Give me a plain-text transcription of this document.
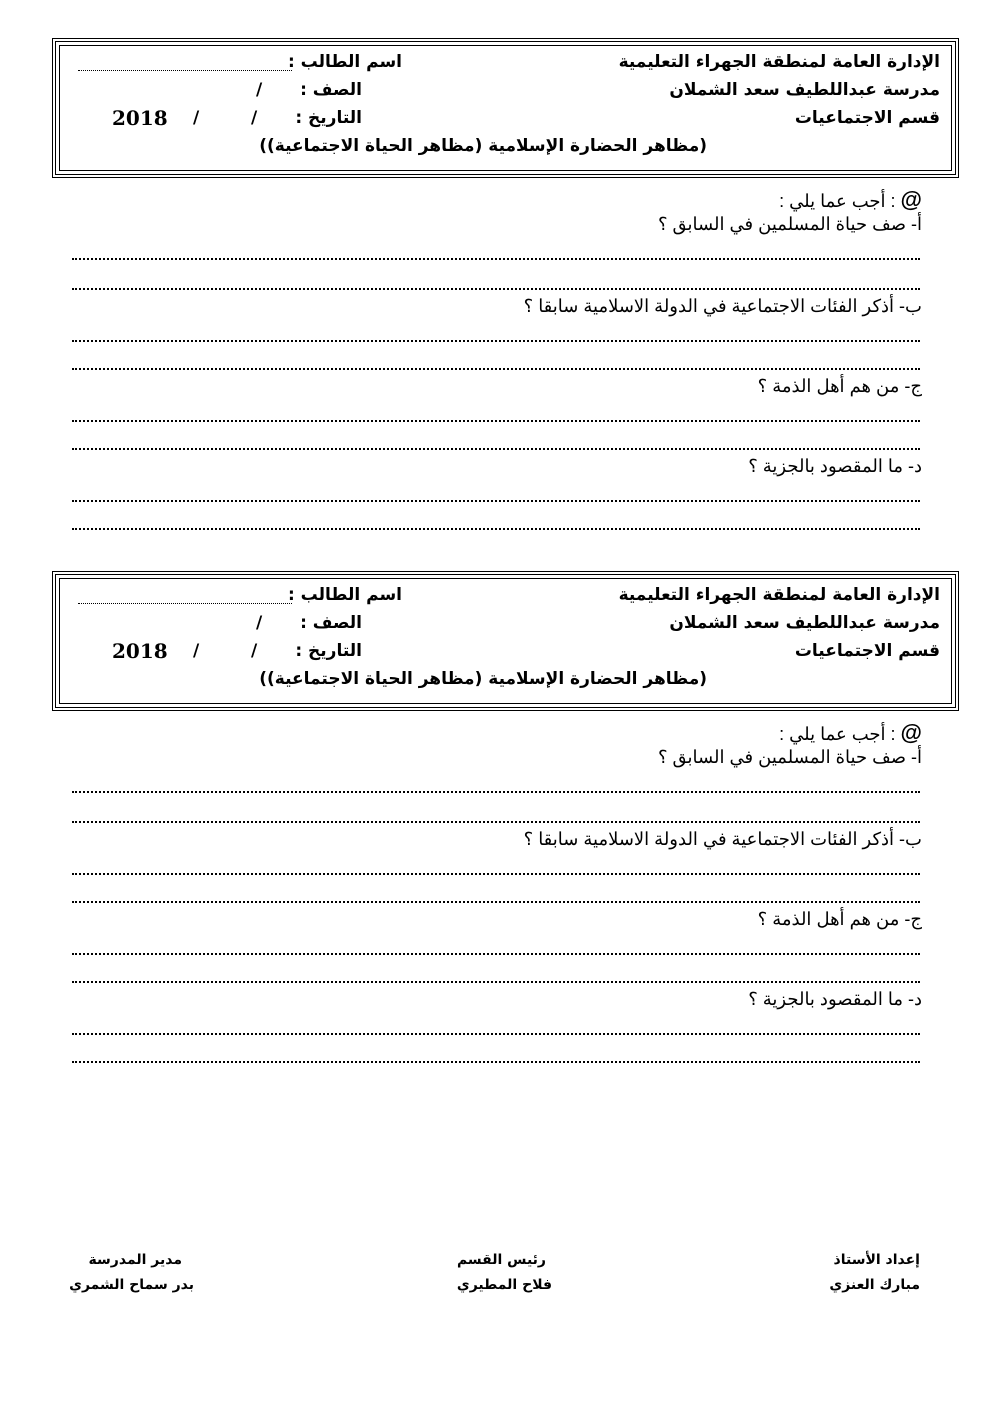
الإدارة العامة لمنطقة الجهراء التعليمية
اسم الطالب :
مدرسة عبداللطيف سعد الشملان
الصف :
/
قسم الاجتماعيات
التاريخ :
/
/
2018
(مظاهر الحضارة الإسلامية (مظاهر الحياة الاجتماعية))
@ : أجب عما يلي :
أ- صف حياة المسلمين في السابق ؟
ب- أذكر الفئات الاجتماعية في الدولة الاسلامية سابقا ؟
ج- من هم أهل الذمة ؟
د- ما المقصود بالجزية ؟
الإدارة العامة لمنطقة الجهراء التعليمية
اسم الطالب :
مدرسة عبداللطيف سعد الشملان
الصف :
/
قسم الاجتماعيات
التاريخ :
/
/
2018
(مظاهر الحضارة الإسلامية (مظاهر الحياة الاجتماعية))
@ : أجب عما يلي :
أ- صف حياة المسلمين في السابق ؟
ب- أذكر الفئات الاجتماعية في الدولة الاسلامية سابقا ؟
ج- من هم أهل الذمة ؟
د- ما المقصود بالجزية ؟
إعداد الأستاذ
مبارك العنزي
رئيس القسم
فلاح المطيري
مدير المدرسة
بدر سماح الشمري
